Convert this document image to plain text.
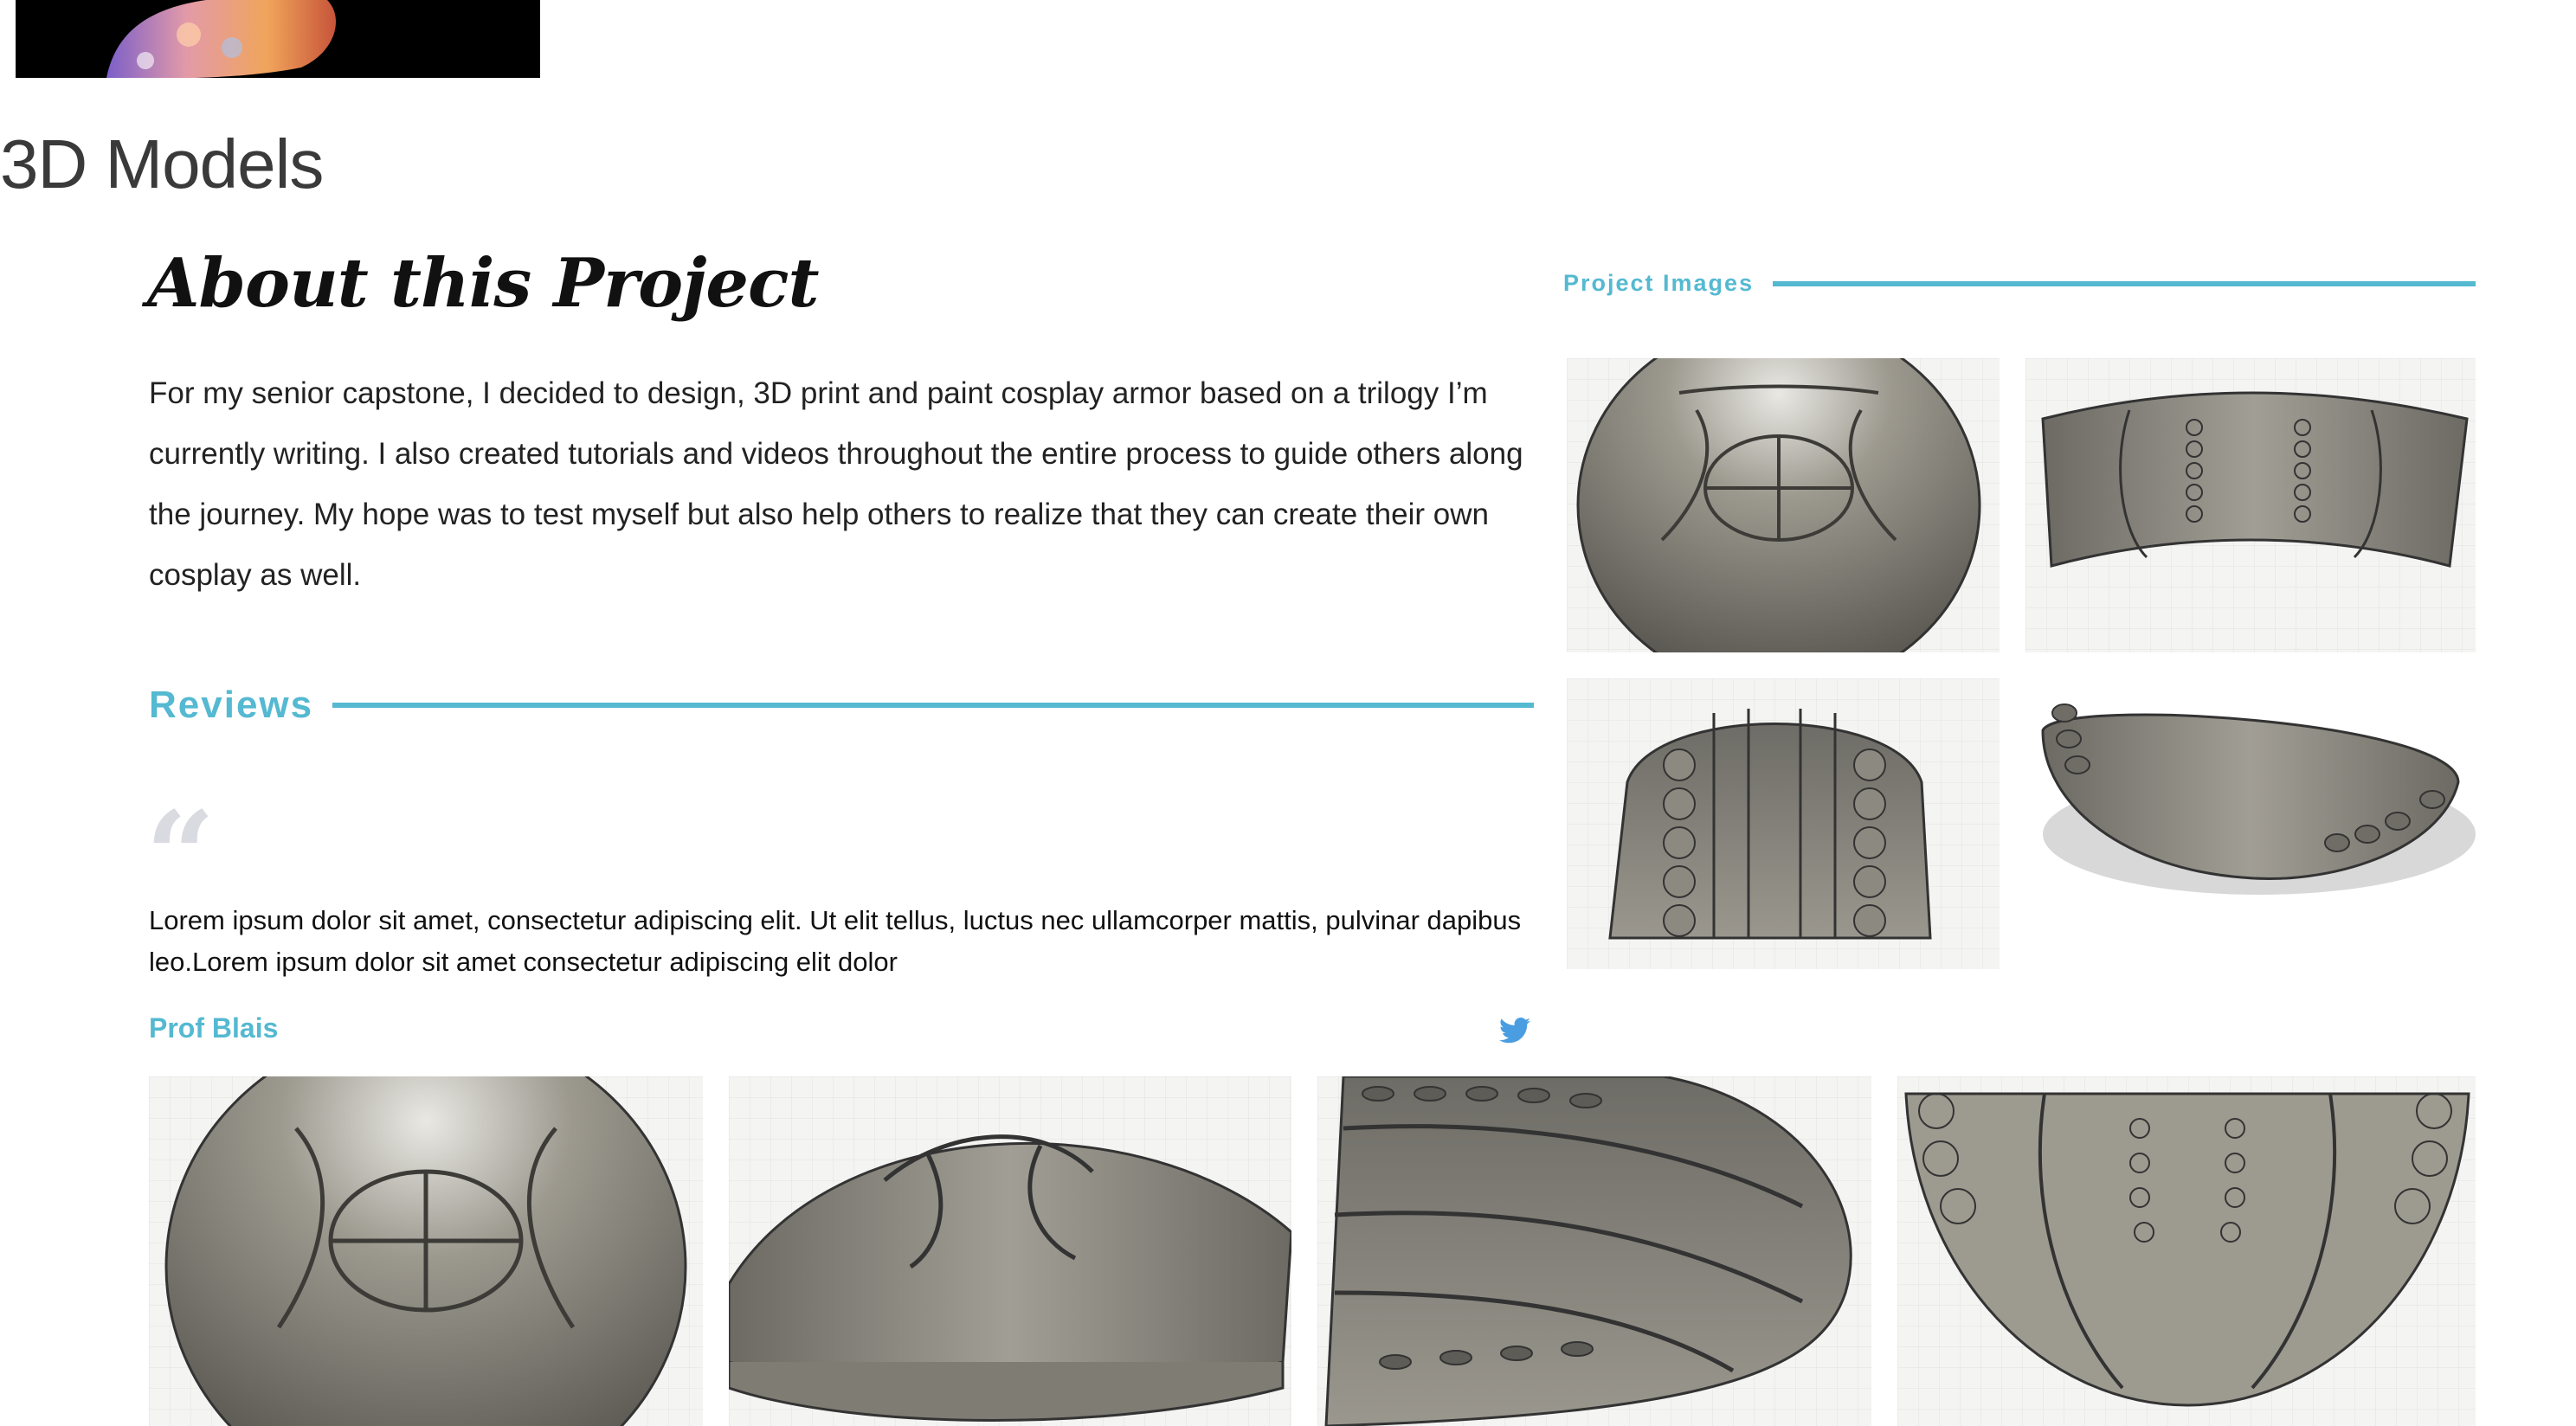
3D Models
About this Project
For my senior capstone, I decided to design, 3D print and paint cosplay armor based on a trilogy I’m currently writing. I also created tutorials and videos throughout the entire process to guide others along the journey. My hope was to test myself but also help others to realize that they can create their own cosplay as well.
Reviews
“
Lorem ipsum dolor sit amet, consectetur adipiscing elit. Ut elit tellus, luctus nec ullamcorper mattis, pulvinar dapibus leo.Lorem ipsum dolor sit amet consectetur adipiscing elit dolor
Prof Blais
Project Images
